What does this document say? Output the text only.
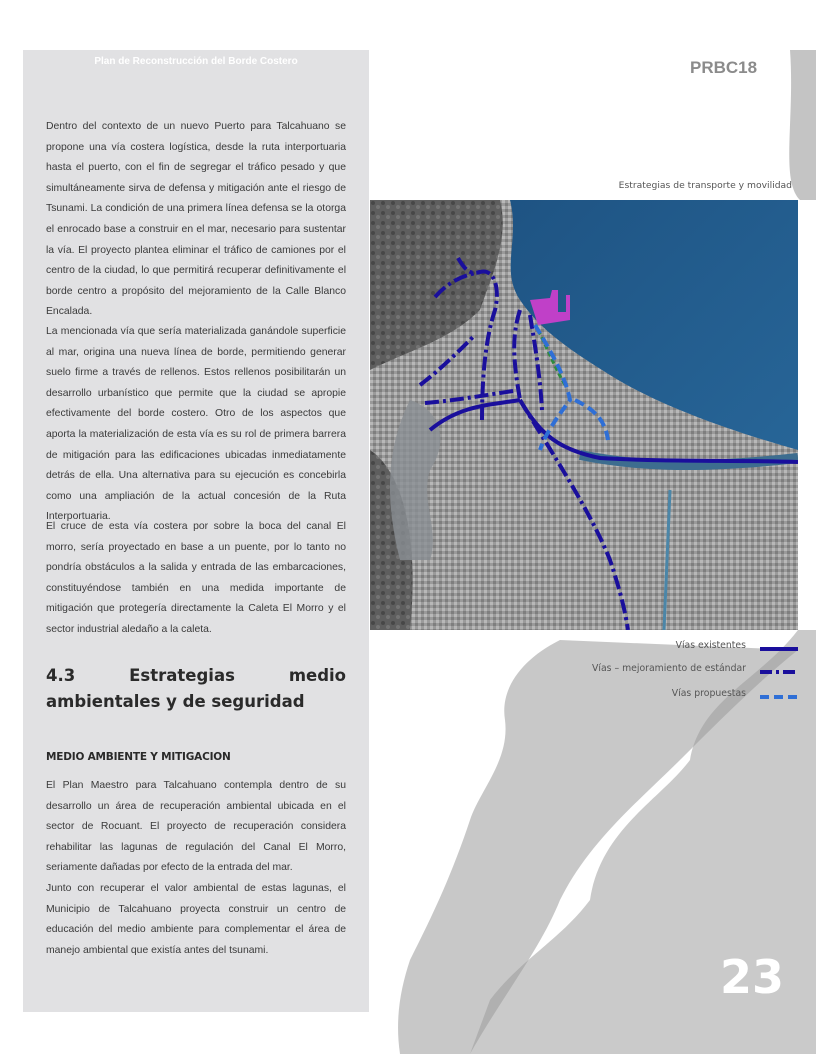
Plan de Reconstrucción del Borde Costero

Dentro del contexto de un nuevo Puerto para Talcahuano se propone una vía costera logística, desde la ruta interportuaria hasta el puerto, con el fin de segregar el tráfico pesado y que simultáneamente sirva de defensa y mitigación ante el riesgo de Tsunami. La condición de una primera línea defensa se la otorga el enrocado base a construir en el mar, necesario para sustentar la vía. El proyecto plantea eliminar el tráfico de camiones por el centro de la ciudad, lo que permitirá recuperar definitivamente el borde centro a propósito del mejoramiento de la Calle Blanco Encalada.

La mencionada vía que sería materializada ganándole superficie al mar, origina una nueva línea de borde, permitiendo generar suelo firme a través de rellenos. Estos rellenos posibilitarán un desarrollo urbanístico que permite que la ciudad se apropie efectivamente del borde costero. Otro de los aspectos que aporta la materialización de esta vía es su rol de primera barrera de mitigación para las edificaciones ubicadas inmediatamente detrás de ella. Una alternativa para su ejecución es concebirla como una ampliación de la actual concesión de la Ruta Interportuaria.

El cruce de esta vía costera por sobre la boca del canal El morro, sería proyectado en base a un puente, por lo tanto no pondría obstáculos a la salida y entrada de las embarcaciones, constituyéndose también en una medida importante de mitigación que protegería directamente la Caleta El Morro y el sector industrial aledaño a la caleta.

4.3	Estrategias medio
ambientales y de seguridad
MEDIO AMBIENTE Y MITIGACION

El Plan Maestro para Talcahuano contempla dentro de su desarrollo un área de recuperación ambiental ubicada en el sector de Rocuant. El proyecto de recuperación considera rehabilitar las lagunas de regulación del Canal El Morro, seriamente dañadas por efecto de la entrada del mar.

Junto con recuperar el valor ambiental de estas lagunas, el Municipio de Talcahuano proyecta construir un centro de educación del medio ambiente para complementar el área de manejo ambiental que existía antes del tsunami.

PRBC18
Estrategias de transporte y movilidad
Vías existentes
Vías – mejoramiento de estándar
Vías propuestas
23
